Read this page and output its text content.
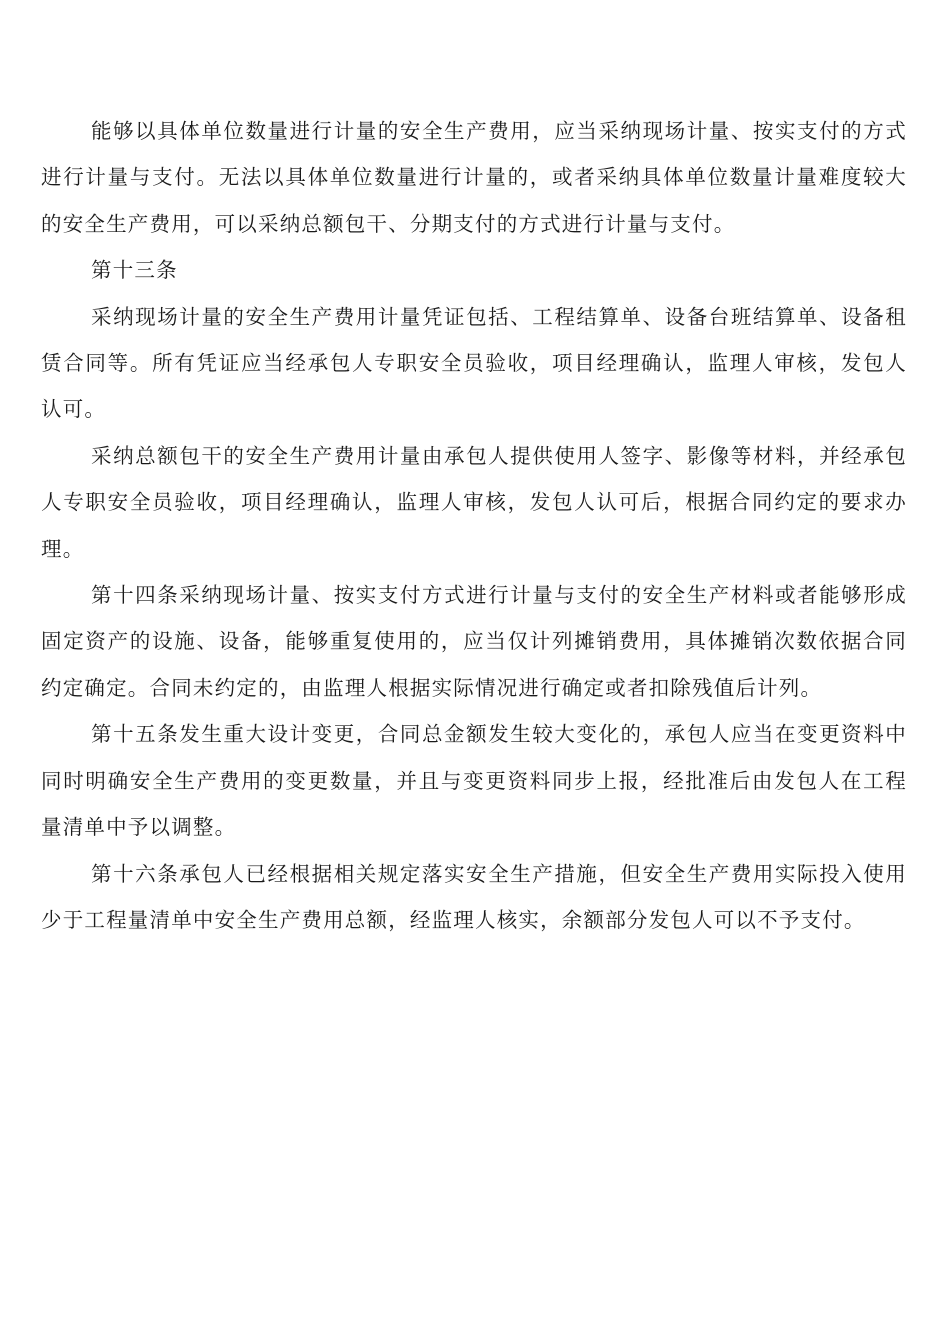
能够以具体单位数量进行计量的安全生产费用，应当采纳现场计量、按实支付的方式进行计量与支付。无法以具体单位数量进行计量的，或者采纳具体单位数量计量难度较大的安全生产费用，可以采纳总额包干、分期支付的方式进行计量与支付。

第十三条

采纳现场计量的安全生产费用计量凭证包括、工程结算单、设备台班结算单、设备租赁合同等。所有凭证应当经承包人专职安全员验收，项目经理确认，监理人审核，发包人认可。

采纳总额包干的安全生产费用计量由承包人提供使用人签字、影像等材料，并经承包人专职安全员验收，项目经理确认，监理人审核，发包人认可后，根据合同约定的要求办理。

第十四条采纳现场计量、按实支付方式进行计量与支付的安全生产材料或者能够形成固定资产的设施、设备，能够重复使用的，应当仅计列摊销费用，具体摊销次数依据合同约定确定。合同未约定的，由监理人根据实际情况进行确定或者扣除残值后计列。

第十五条发生重大设计变更，合同总金额发生较大变化的，承包人应当在变更资料中同时明确安全生产费用的变更数量，并且与变更资料同步上报，经批准后由发包人在工程量清单中予以调整。

第十六条承包人已经根据相关规定落实安全生产措施，但安全生产费用实际投入使用少于工程量清单中安全生产费用总额，经监理人核实，余额部分发包人可以不予支付。
